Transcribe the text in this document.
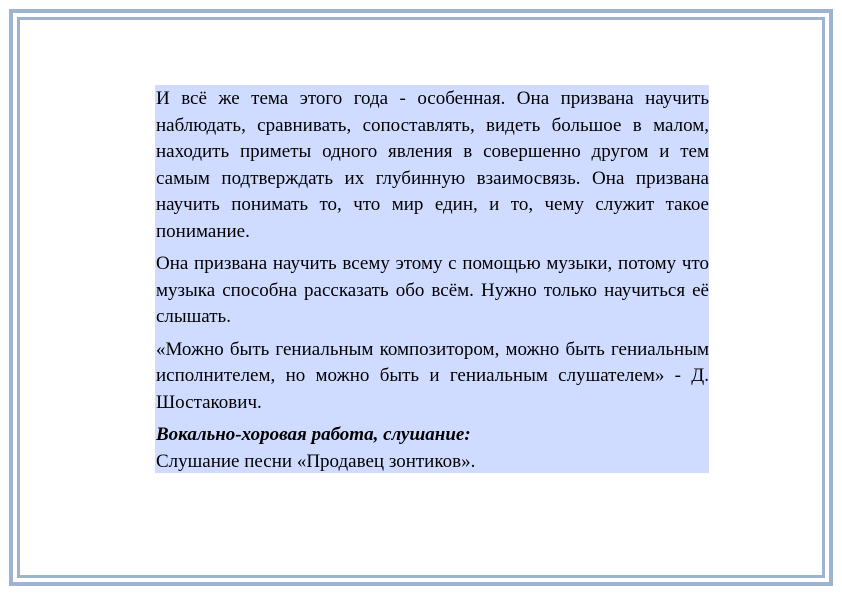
И всё же тема этого года - особенная. Она призвана научить наблюдать, сравнивать, сопоставлять, видеть большое в малом, находить приметы одного явления в совершенно другом и тем самым подтверждать их глубинную взаимосвязь. Она призвана научить понимать то, что мир един, и то, чему служит такое понимание.

Она призвана научить всему этому с помощью музыки, потому что музыка способна рассказать обо всём. Нужно только научиться её слышать.

«Можно быть гениальным композитором, можно быть гениальным исполнителем, но можно быть и гениальным слушателем» - Д. Шостакович.

Вокально-хоровая работа, слушание:

Слушание песни «Продавец зонтиков».
